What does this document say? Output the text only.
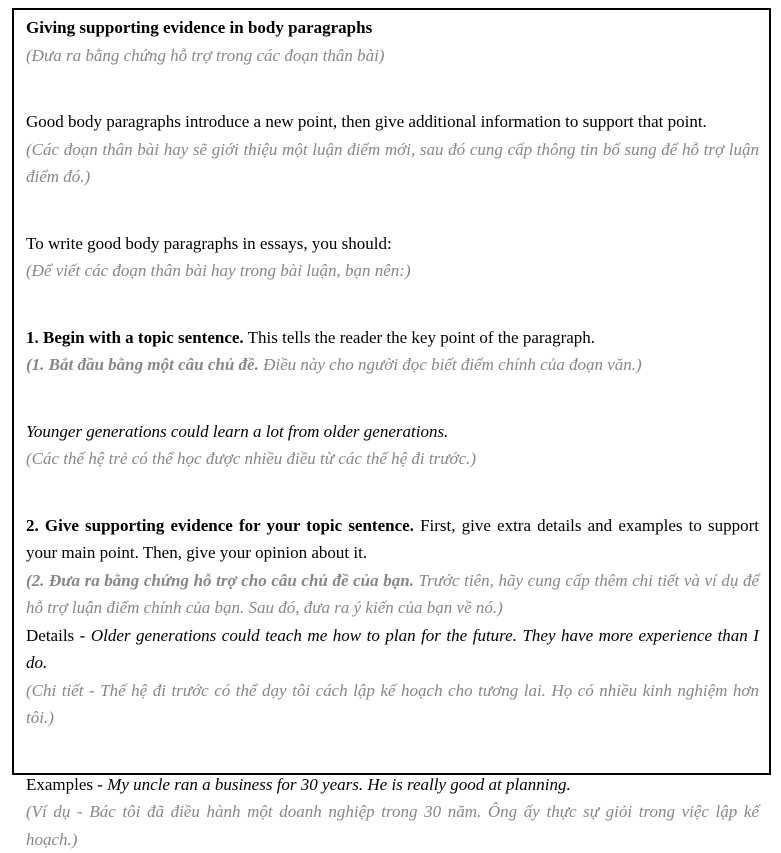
Giving supporting evidence in body paragraphs

(Đưa ra bằng chứng hỗ trợ trong các đoạn thân bài)

Good body paragraphs introduce a new point, then give additional information to support that point.

(Các đoạn thân bài hay sẽ giới thiệu một luận điểm mới, sau đó cung cấp thông tin bổ sung để hỗ trợ luận điểm đó.)

To write good body paragraphs in essays, you should:

(Để viết các đoạn thân bài hay trong bài luận, bạn nên:)

1. Begin with a topic sentence. This tells the reader the key point of the paragraph.

(1. Bắt đầu bằng một câu chủ đề. Điều này cho người đọc biết điểm chính của đoạn văn.)

Younger generations could learn a lot from older generations.

(Các thế hệ trẻ có thể học được nhiều điều từ các thế hệ đi trước.)

2. Give supporting evidence for your topic sentence. First, give extra details and examples to support your main point. Then, give your opinion about it.

(2. Đưa ra bằng chứng hỗ trợ cho câu chủ đề của bạn. Trước tiên, hãy cung cấp thêm chi tiết và ví dụ để hỗ trợ luận điểm chính của bạn. Sau đó, đưa ra ý kiến của bạn về nó.)

Details - Older generations could teach me how to plan for the future. They have more experience than I do.

(Chi tiết - Thế hệ đi trước có thể dạy tôi cách lập kế hoạch cho tương lai. Họ có nhiều kinh nghiệm hơn tôi.)

Examples - My uncle ran a business for 30 years. He is really good at planning.

(Ví dụ - Bác tôi đã điều hành một doanh nghiệp trong 30 năm. Ông ấy thực sự giỏi trong việc lập kế hoạch.)
